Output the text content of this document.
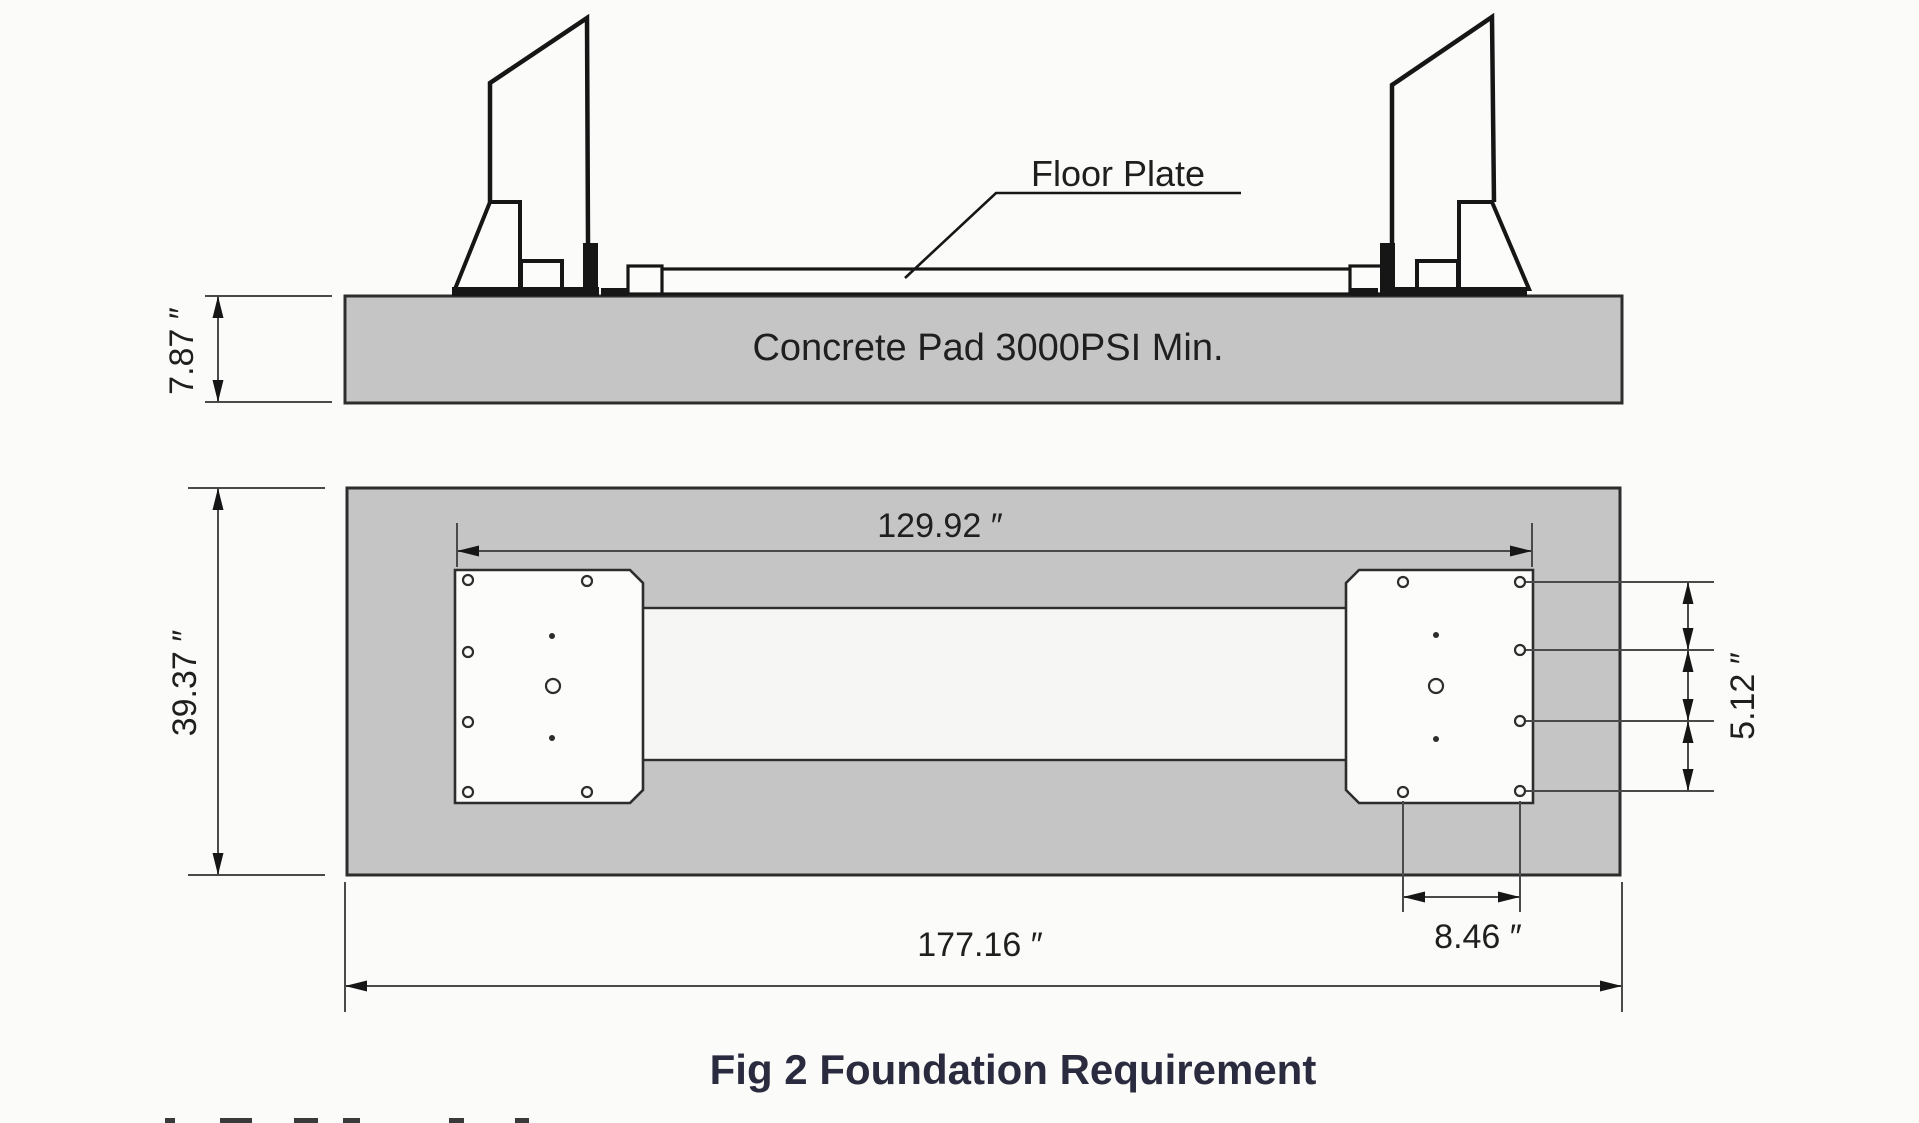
Concrete Pad 3000PSI Min.
Floor Plate
7.87 ″
129.92 ″
39.37 ″	5.12 ″
8.46 ″
177.16 ″
Fig 2 Foundation Requirement
